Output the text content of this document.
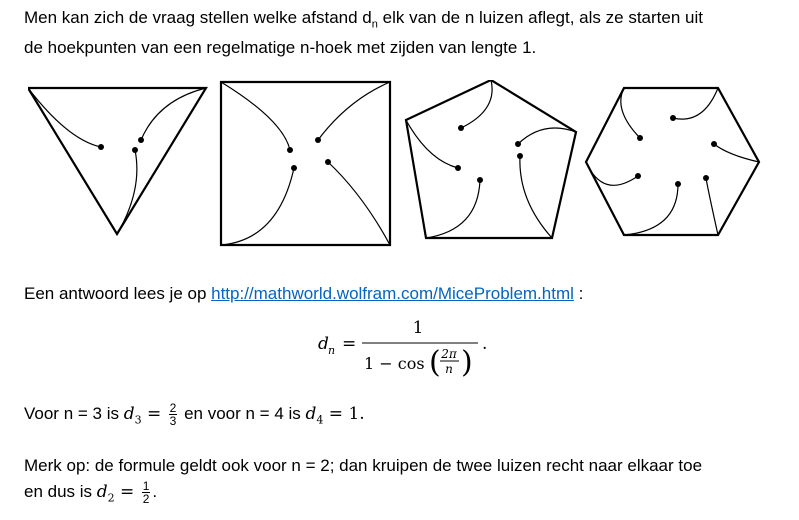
Men kan zich de vraag stellen welke afstand $d_n$ elk van de n luizen aflegt, als ze starten uit
de hoekpunten van een regelmatige n-hoek met zijden van lengte 1.
Een antwoord lees je op http://mathworld.wolfram.com/MiceProblem.html :
d n =
1
1 − cos ( 2π
n )
.
Voor n = 3 is $d_3 = \frac{2}{3}$ en voor n = 4 is $d_4 = 1$.
Merk op: de formule geldt ook voor n = 2; dan kruipen de twee luizen recht naar elkaar toe
en dus is $d_2 = \frac{1}{2}$ .
